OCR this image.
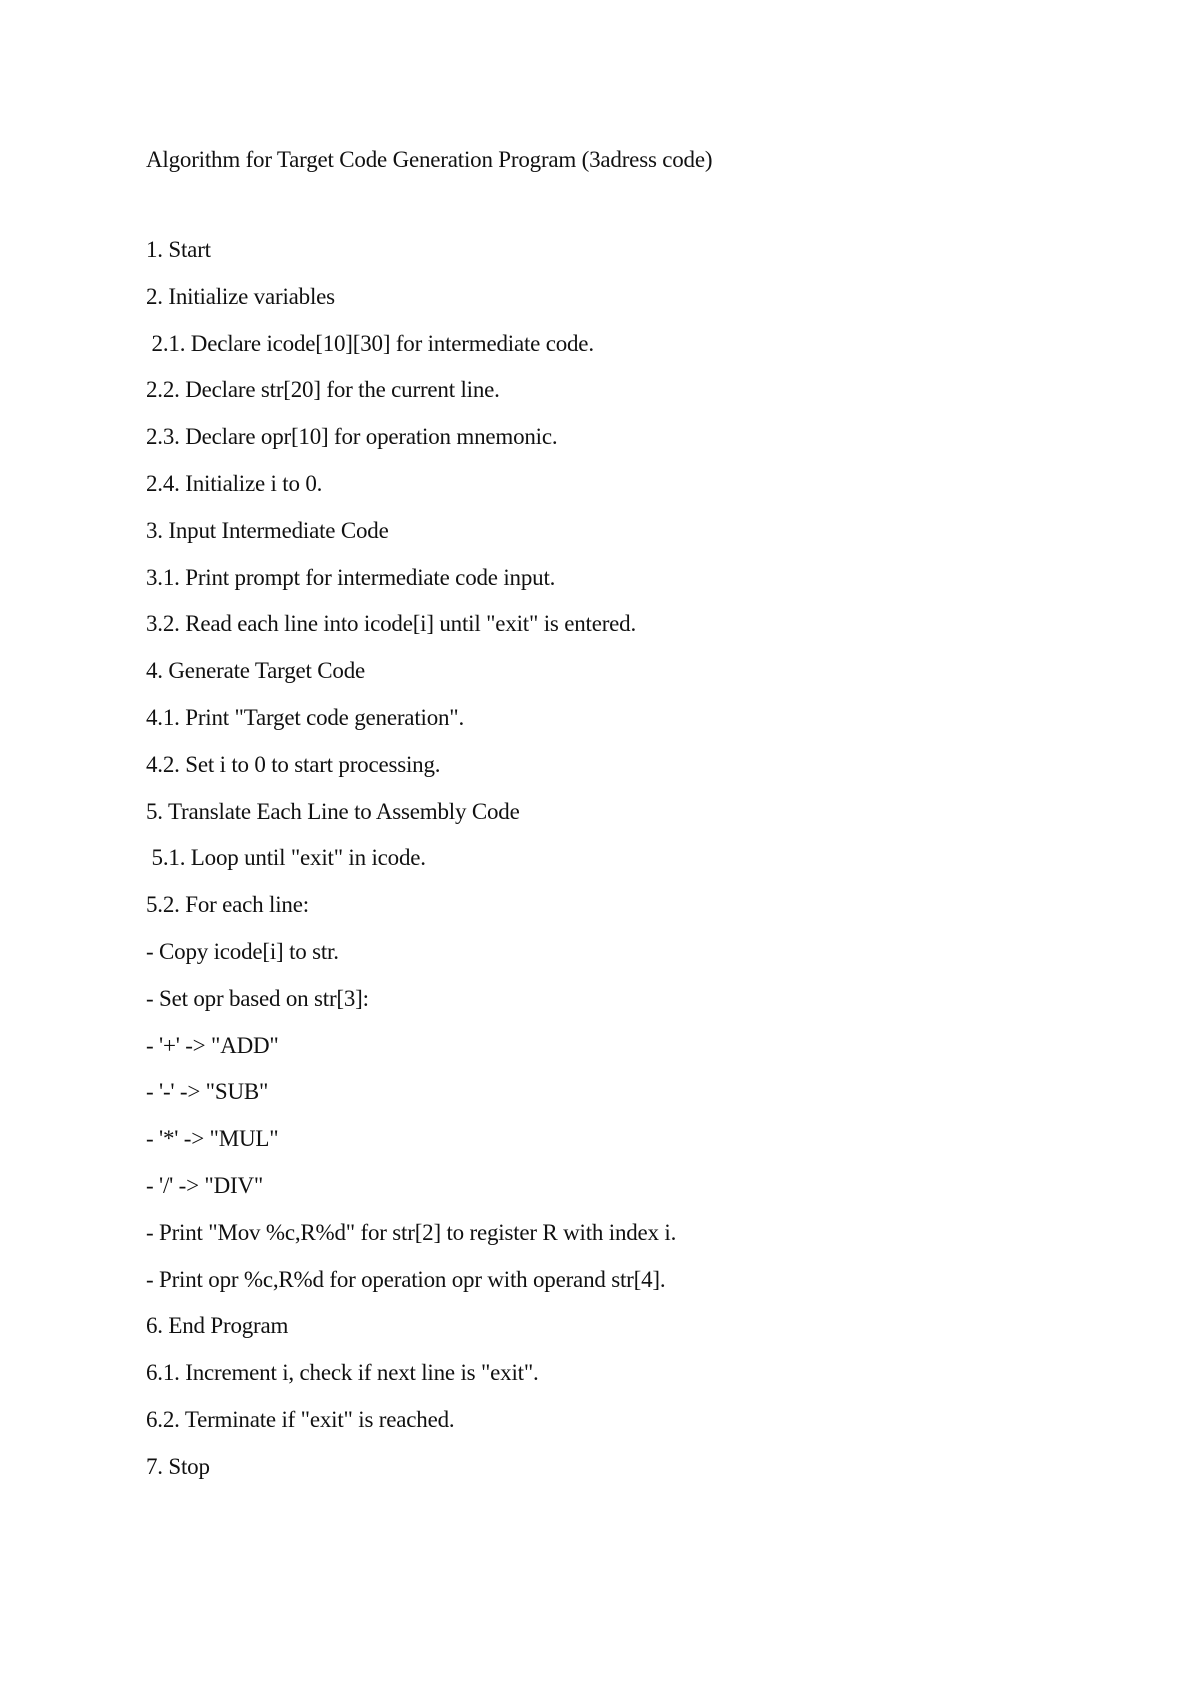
Algorithm for Target Code Generation Program (3adress code)
1. Start
2. Initialize variables
2.1. Declare icode[10][30] for intermediate code.
2.2. Declare str[20] for the current line.
2.3. Declare opr[10] for operation mnemonic.
2.4. Initialize i to 0.
3. Input Intermediate Code
3.1. Print prompt for intermediate code input.
3.2. Read each line into icode[i] until "exit" is entered.
4. Generate Target Code
4.1. Print "Target code generation".
4.2. Set i to 0 to start processing.
5. Translate Each Line to Assembly Code
5.1. Loop until "exit" in icode.
5.2. For each line:
- Copy icode[i] to str.
- Set opr based on str[3]:
- '+' -> "ADD"
- '-' -> "SUB"
- '*' -> "MUL"
- '/' -> "DIV"
- Print "Mov %c,R%d" for str[2] to register R with index i.
- Print opr %c,R%d for operation opr with operand str[4].
6. End Program
6.1. Increment i, check if next line is "exit".
6.2. Terminate if "exit" is reached.
7. Stop
